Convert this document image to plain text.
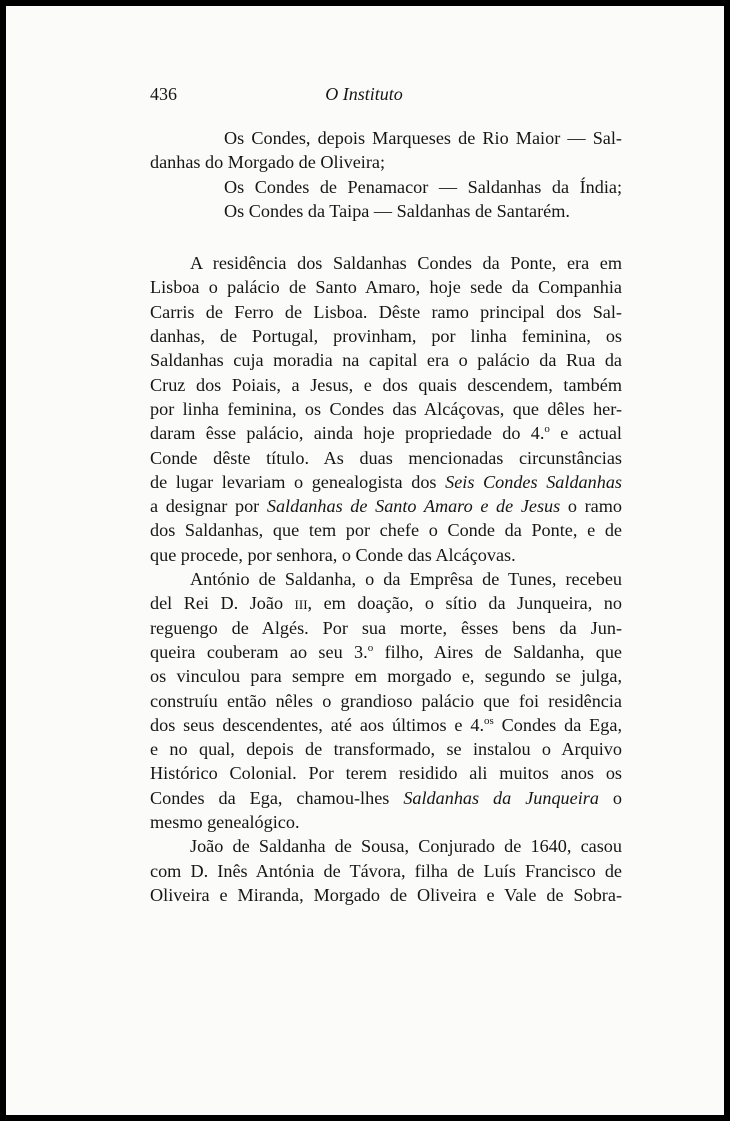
436	O Instituto
Os Condes, depois Marqueses de Rio Maior — Sal-
danhas do Morgado de Oliveira;
Os Condes de Penamacor — Saldanhas da Índia;
Os Condes da Taipa — Saldanhas de Santarém.
A residência dos Saldanhas Condes da Ponte, era em
Lisboa o palácio de Santo Amaro, hoje sede da Companhia
Carris de Ferro de Lisboa. Dêste ramo principal dos Sal-
danhas, de Portugal, provinham, por linha feminina, os
Saldanhas cuja moradia na capital era o palácio da Rua da
Cruz dos Poiais, a Jesus, e dos quais descendem, também
por linha feminina, os Condes das Alcáçovas, que dêles her-
daram êsse palácio, ainda hoje propriedade do 4.$^o$ e actual
Conde dêste título. As duas mencionadas circunstâncias
de lugar levariam o genealogista dos Seis Condes Saldanhas
a designar por Saldanhas de Santo Amaro e de Jesus o ramo
dos Saldanhas, que tem por chefe o Conde da Ponte, e de
que procede, por senhora, o Conde das Alcáçovas.
António de Saldanha, o da Emprêsa de Tunes, recebeu
del Rei D. João iii, em doação, o sítio da Junqueira, no
reguengo de Algés. Por sua morte, êsses bens da Jun-
queira couberam ao seu 3.$^o$ filho, Aires de Saldanha, que
os vinculou para sempre em morgado e, segundo se julga,
construíu então nêles o grandioso palácio que foi residência
dos seus descendentes, até aos últimos e 4.$^{os}$ Condes da Ega,
e no qual, depois de transformado, se instalou o Arquivo
Histórico Colonial. Por terem residido ali muitos anos os
Condes da Ega, chamou-lhes Saldanhas da Junqueira o
mesmo genealógico.
João de Saldanha de Sousa, Conjurado de 1640, casou
com D. Inês Antónia de Távora, filha de Luís Francisco de
Oliveira e Miranda, Morgado de Oliveira e Vale de Sobra-
